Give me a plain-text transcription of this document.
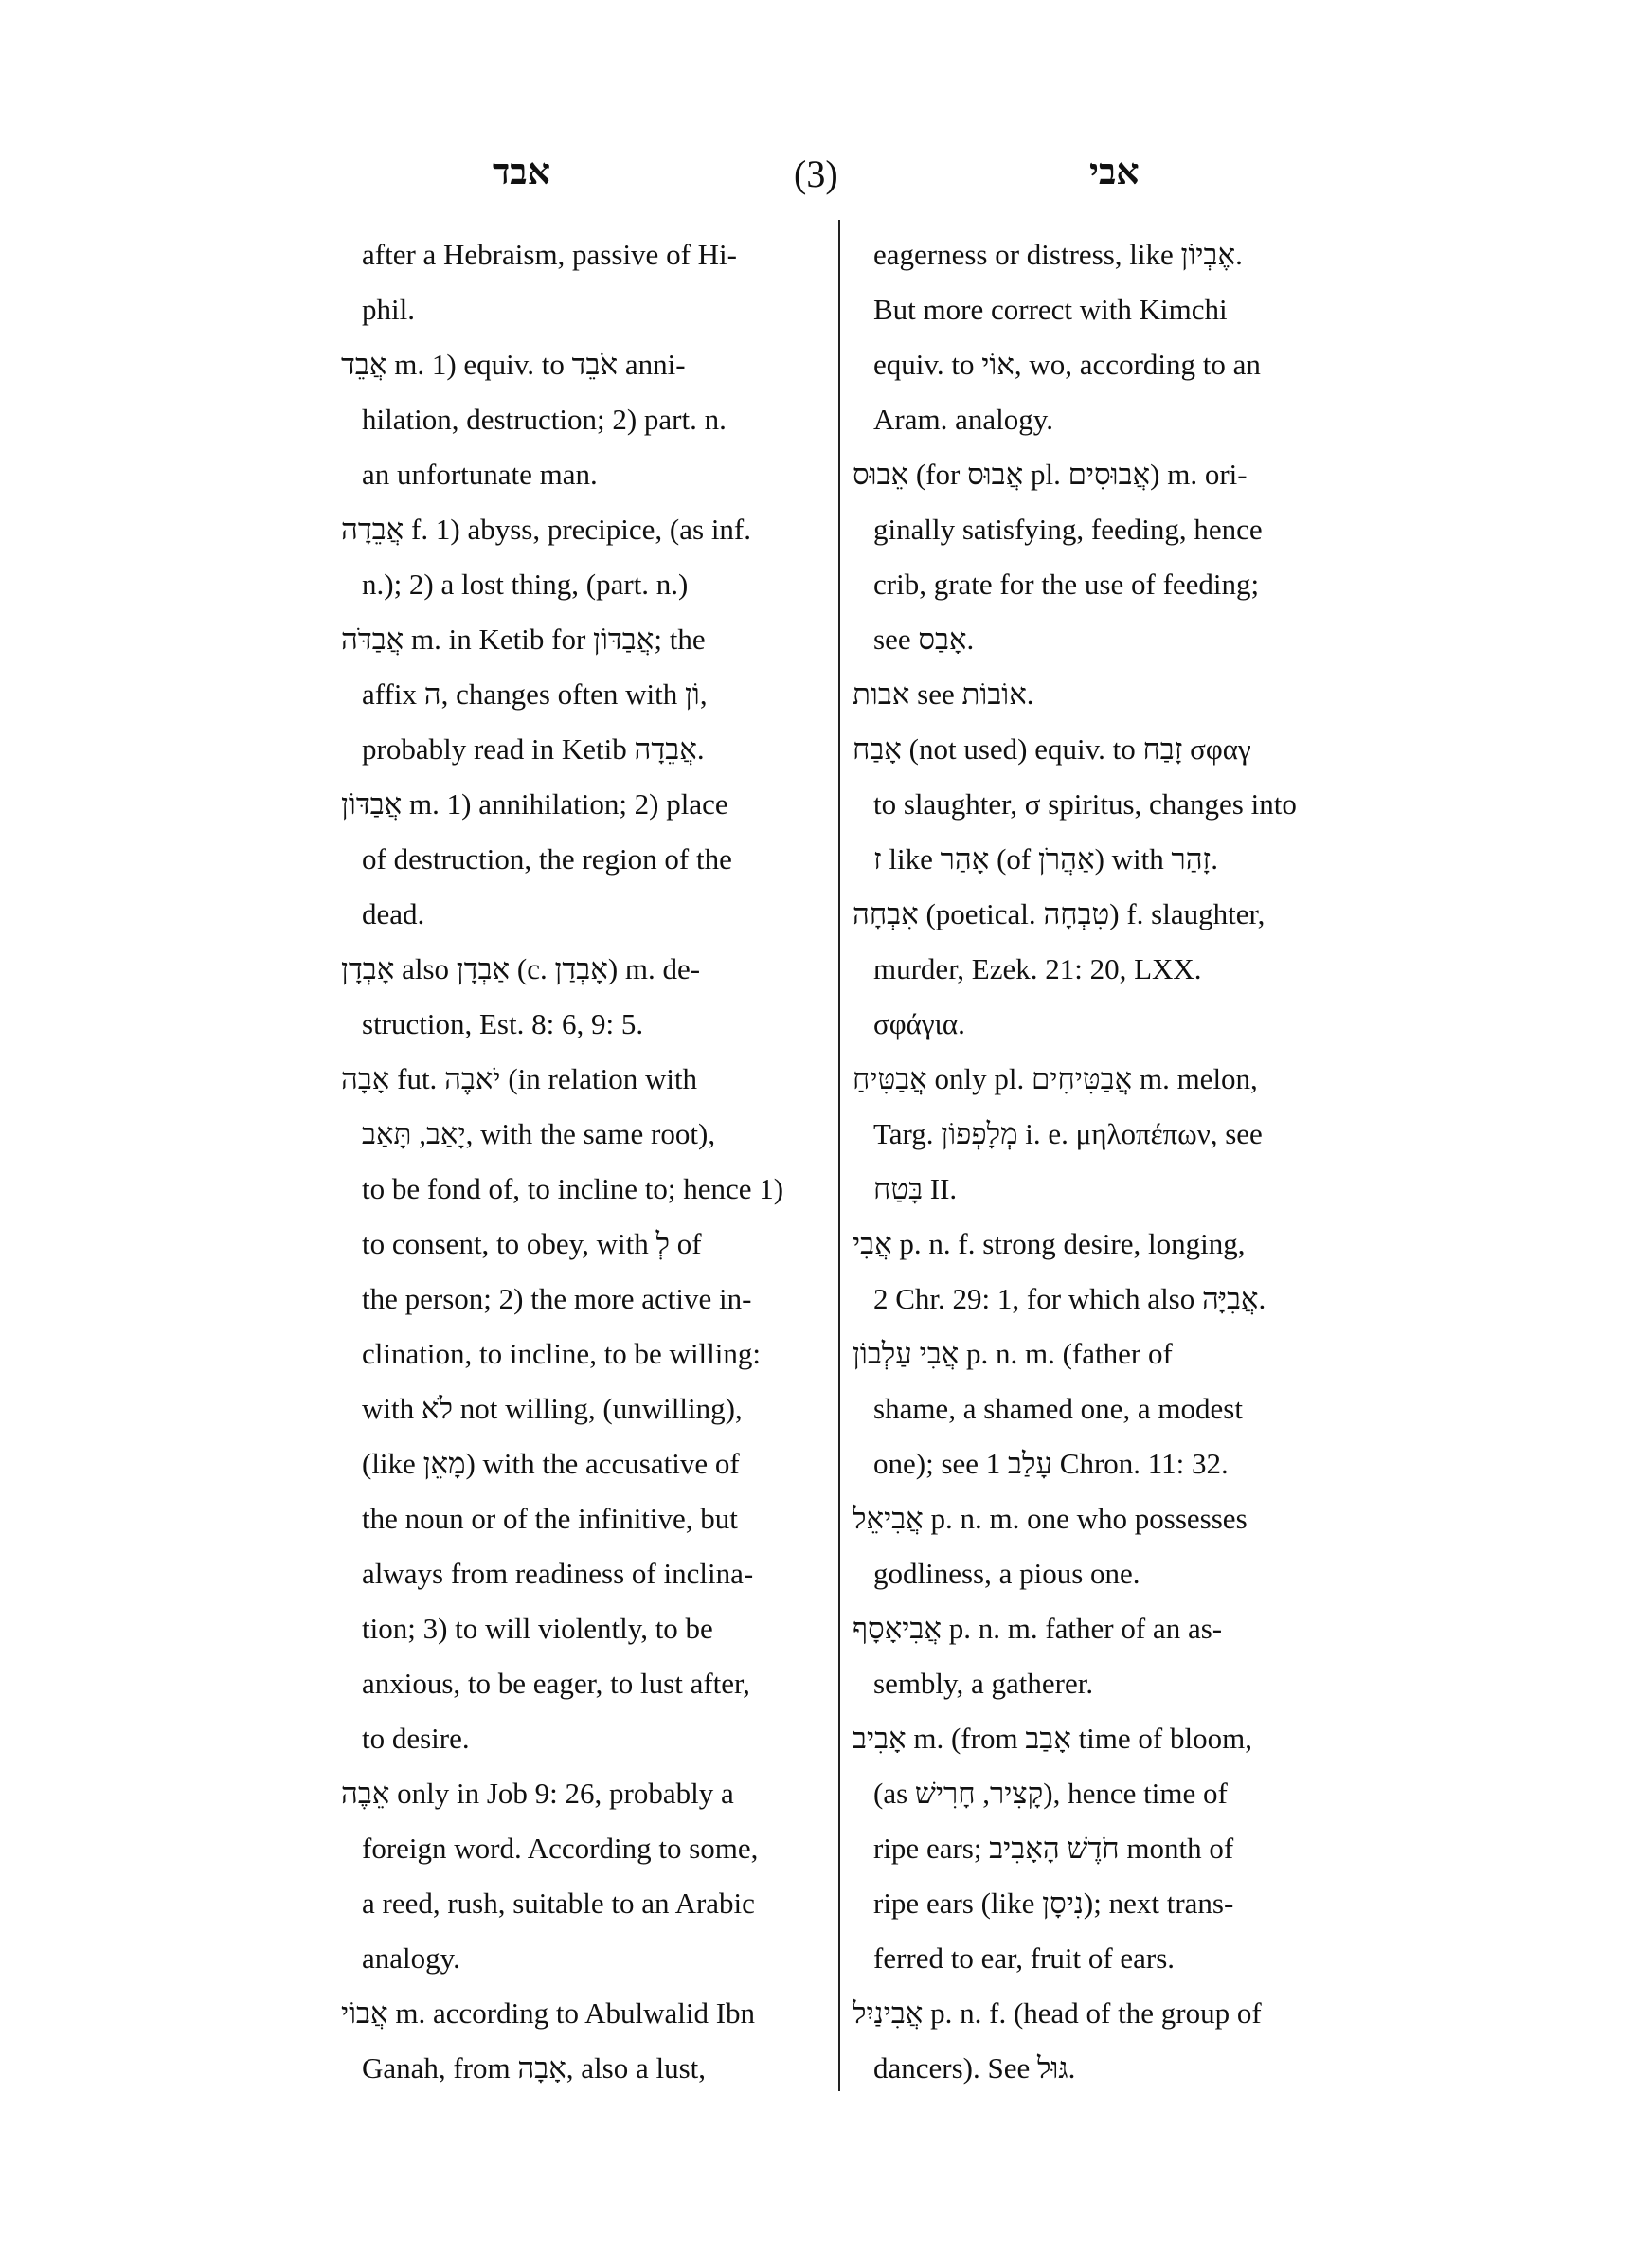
אבד	(3)	אבי
after a Hebraism, passive of Hi-
phil.
אֲבֵד m. 1) equiv. to אֹבֵד anni-
hilation, destruction; 2) part. n.
an unfortunate man.
אֲבֵדָה f. 1) abyss, precipice, (as inf.
n.); 2) a lost thing, (part. n.)
אֲבַדֹּה m. in Ketib for אֲבַדּוֹן; the
affix ה, changes often with וֹן,
probably read in Ketib אֲבֵדָה.
אֲבַדּוֹן m. 1) annihilation; 2) place
of destruction, the region of the
dead.
אָבְדָן also אַבְדָן (c. אָבְדַן) m. de-
struction, Est. 8: 6, 9: 5.
אָבָה fut. יֹאבֶה (in relation with
יָאַב, תָּאַב, with the same root),
to be fond of, to incline to; hence 1)
to consent, to obey, with לְ of
the person; 2) the more active in-
clination, to incline, to be willing:
with לֹא not willing, (unwilling),
(like מָאֵן) with the accusative of
the noun or of the infinitive, but
always from readiness of inclina-
tion; 3) to will violently, to be
anxious, to be eager, to lust after,
to desire.
אֵבֶה only in Job 9: 26, probably a
foreign word. According to some,
a reed, rush, suitable to an Arabic
analogy.
אֲבוֹי m. according to Abulwalid Ibn
Ganah, from אָבָה, also a lust,
eagerness or distress, like אֶבְיוֹן.
But more correct with Kimchi
equiv. to אוֹי, wo, according to an
Aram. analogy.
אֵבוּס (for אֲבוּס pl. אֲבוּסִים) m. ori-
ginally satisfying, feeding, hence
crib, grate for the use of feeding;
see אָבַס.
אבות see אוֹבוֹת.
אָבַח (not used) equiv. to זָבַח σφαγ
to slaughter, σ spiritus, changes into
ז like אָהַר (of אַהֲרֹן) with זָהַר.
אִבְחָה (poetical. טִבְחָה) f. slaughter,
murder, Ezek. 21: 20, LXX.
σφάγια.
אֲבַטִּיחַ only pl. אֲבַטִּיחִים m. melon,
Targ. מְלָפְפוֹן i. e. μηλοπέπων, see
בָּטַח II.
אֲבִי p. n. f. strong desire, longing,
2 Chr. 29: 1, for which also אֲבִיָּה.
אֲבִי עַלְבוֹן p. n. m. (father of
shame, a shamed one, a modest
one); see עָלַב 1 Chron. 11: 32.
אֲבִיאֵל p. n. m. one who possesses
godliness, a pious one.
אֲבִיאָסָף p. n. m. father of an as-
sembly, a gatherer.
אָבִיב m. (from אָבַב time of bloom,
(as קָצִיר, חָרִישׁ), hence time of
ripe ears; חֹדֶשׁ הָאָבִיב month of
ripe ears (like נִיסָן); next trans-
ferred to ear, fruit of ears.
אֲבִינַיִל p. n. f. (head of the group of
dancers). See גּוּל.
